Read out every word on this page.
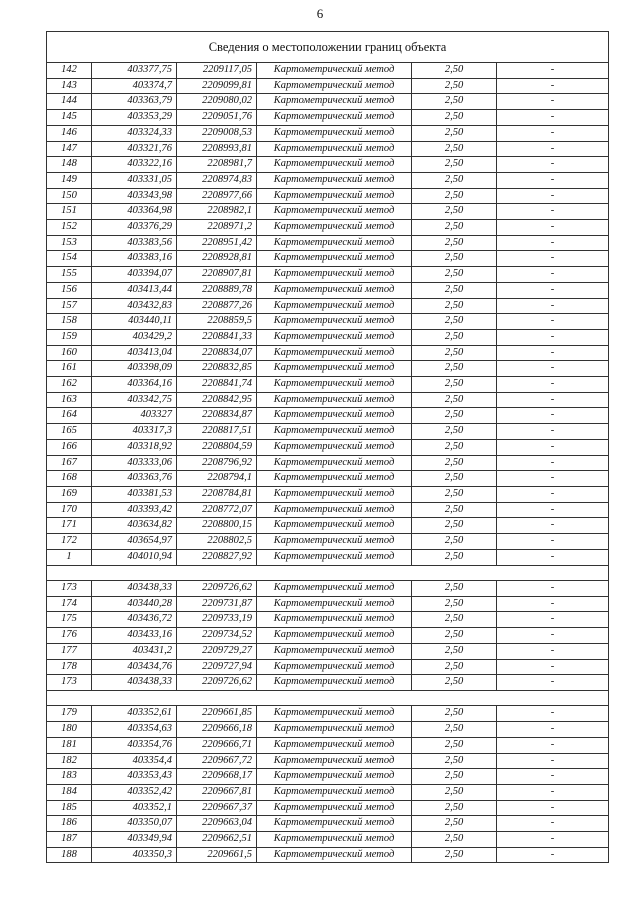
6
Сведения о местоположении границ объекта					
142	403377,75	2209117,05	Картометрический метод	2,50	-
143	403374,7	2209099,81	Картометрический метод	2,50	-
144	403363,79	2209080,02	Картометрический метод	2,50	-
145	403353,29	2209051,76	Картометрический метод	2,50	-
146	403324,33	2209008,53	Картометрический метод	2,50	-
147	403321,76	2208993,81	Картометрический метод	2,50	-
148	403322,16	2208981,7	Картометрический метод	2,50	-
149	403331,05	2208974,83	Картометрический метод	2,50	-
150	403343,98	2208977,66	Картометрический метод	2,50	-
151	403364,98	2208982,1	Картометрический метод	2,50	-
152	403376,29	2208971,2	Картометрический метод	2,50	-
153	403383,56	2208951,42	Картометрический метод	2,50	-
154	403383,16	2208928,81	Картометрический метод	2,50	-
155	403394,07	2208907,81	Картометрический метод	2,50	-
156	403413,44	2208889,78	Картометрический метод	2,50	-
157	403432,83	2208877,26	Картометрический метод	2,50	-
158	403440,11	2208859,5	Картометрический метод	2,50	-
159	403429,2	2208841,33	Картометрический метод	2,50	-
160	403413,04	2208834,07	Картометрический метод	2,50	-
161	403398,09	2208832,85	Картометрический метод	2,50	-
162	403364,16	2208841,74	Картометрический метод	2,50	-
163	403342,75	2208842,95	Картометрический метод	2,50	-
164	403327	2208834,87	Картометрический метод	2,50	-
165	403317,3	2208817,51	Картометрический метод	2,50	-
166	403318,92	2208804,59	Картометрический метод	2,50	-
167	403333,06	2208796,92	Картометрический метод	2,50	-
168	403363,76	2208794,1	Картометрический метод	2,50	-
169	403381,53	2208784,81	Картометрический метод	2,50	-
170	403393,42	2208772,07	Картометрический метод	2,50	-
171	403634,82	2208800,15	Картометрический метод	2,50	-
172	403654,97	2208802,5	Картометрический метод	2,50	-
1	404010,94	2208827,92	Картометрический метод	2,50	-

173	403438,33	2209726,62	Картометрический метод	2,50	-
174	403440,28	2209731,87	Картометрический метод	2,50	-
175	403436,72	2209733,19	Картометрический метод	2,50	-
176	403433,16	2209734,52	Картометрический метод	2,50	-
177	403431,2	2209729,27	Картометрический метод	2,50	-
178	403434,76	2209727,94	Картометрический метод	2,50	-
173	403438,33	2209726,62	Картометрический метод	2,50	-

179	403352,61	2209661,85	Картометрический метод	2,50	-
180	403354,63	2209666,18	Картометрический метод	2,50	-
181	403354,76	2209666,71	Картометрический метод	2,50	-
182	403354,4	2209667,72	Картометрический метод	2,50	-
183	403353,43	2209668,17	Картометрический метод	2,50	-
184	403352,42	2209667,81	Картометрический метод	2,50	-
185	403352,1	2209667,37	Картометрический метод	2,50	-
186	403350,07	2209663,04	Картометрический метод	2,50	-
187	403349,94	2209662,51	Картометрический метод	2,50	-
188	403350,3	2209661,5	Картометрический метод	2,50	-
